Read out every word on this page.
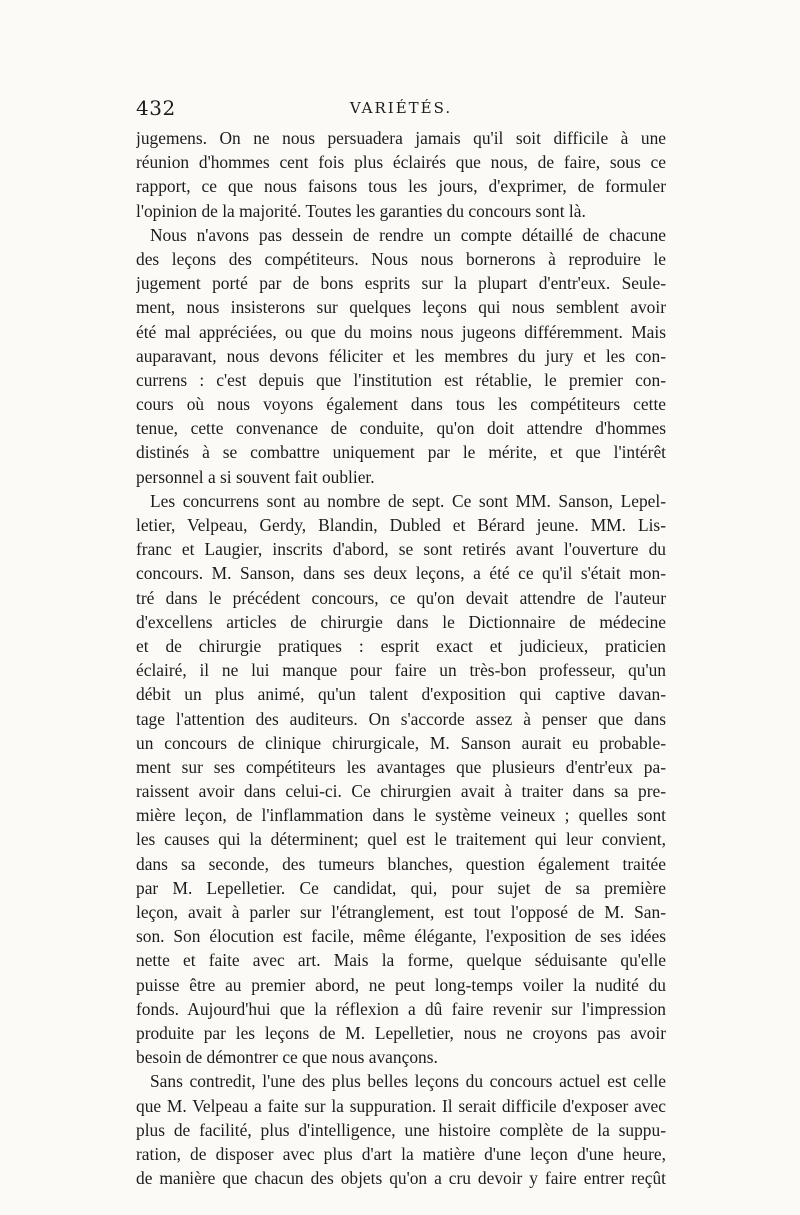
432	VARIÉTÉS.
jugemens. On ne nous persuadera jamais qu'il soit difficile à une
réunion d'hommes cent fois plus éclairés que nous, de faire, sous ce
rapport, ce que nous faisons tous les jours, d'exprimer, de formuler
l'opinion de la majorité. Toutes les garanties du concours sont là.
Nous n'avons pas dessein de rendre un compte détaillé de chacune
des leçons des compétiteurs. Nous nous bornerons à reproduire le
jugement porté par de bons esprits sur la plupart d'entr'eux. Seule-
ment, nous insisterons sur quelques leçons qui nous semblent avoir
été mal appréciées, ou que du moins nous jugeons différemment. Mais
auparavant, nous devons féliciter et les membres du jury et les con-
currens : c'est depuis que l'institution est rétablie, le premier con-
cours où nous voyons également dans tous les compétiteurs cette
tenue, cette convenance de conduite, qu'on doit attendre d'hommes
distinés à se combattre uniquement par le mérite, et que l'intérêt
personnel a si souvent fait oublier.
Les concurrens sont au nombre de sept. Ce sont MM. Sanson, Lepel-
letier, Velpeau, Gerdy, Blandin, Dubled et Bérard jeune. MM. Lis-
franc et Laugier, inscrits d'abord, se sont retirés avant l'ouverture du
concours. M. Sanson, dans ses deux leçons, a été ce qu'il s'était mon-
tré dans le précédent concours, ce qu'on devait attendre de l'auteur
d'excellens articles de chirurgie dans le Dictionnaire de médecine
et de chirurgie pratiques : esprit exact et judicieux, praticien
éclairé, il ne lui manque pour faire un très-bon professeur, qu'un
débit un plus animé, qu'un talent d'exposition qui captive davan-
tage l'attention des auditeurs. On s'accorde assez à penser que dans
un concours de clinique chirurgicale, M. Sanson aurait eu probable-
ment sur ses compétiteurs les avantages que plusieurs d'entr'eux pa-
raissent avoir dans celui-ci. Ce chirurgien avait à traiter dans sa pre-
mière leçon, de l'inflammation dans le système veineux ; quelles sont
les causes qui la déterminent; quel est le traitement qui leur convient,
dans sa seconde, des tumeurs blanches, question également traitée
par M. Lepelletier. Ce candidat, qui, pour sujet de sa première
leçon, avait à parler sur l'étranglement, est tout l'opposé de M. San-
son. Son élocution est facile, même élégante, l'exposition de ses idées
nette et faite avec art. Mais la forme, quelque séduisante qu'elle
puisse être au premier abord, ne peut long-temps voiler la nudité du
fonds. Aujourd'hui que la réflexion a dû faire revenir sur l'impression
produite par les leçons de M. Lepelletier, nous ne croyons pas avoir
besoin de démontrer ce que nous avançons.
Sans contredit, l'une des plus belles leçons du concours actuel est celle
que M. Velpeau a faite sur la suppuration. Il serait difficile d'exposer avec
plus de facilité, plus d'intelligence, une histoire complète de la suppu-
ration, de disposer avec plus d'art la matière d'une leçon d'une heure,
de manière que chacun des objets qu'on a cru devoir y faire entrer reçût
